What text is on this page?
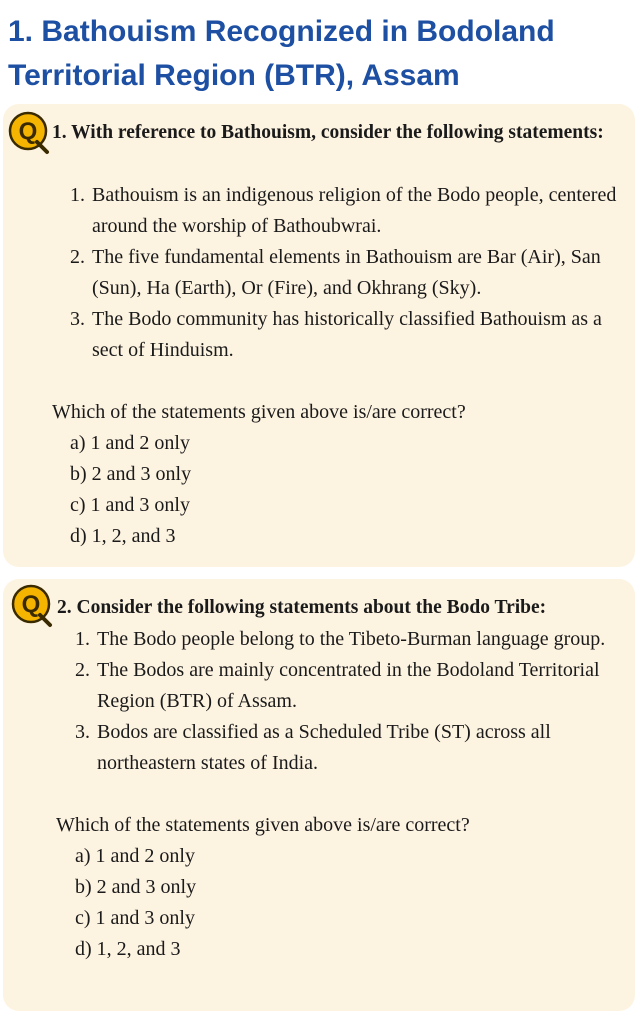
1. Bathouism Recognized in Bodoland Territorial Region (BTR), Assam
Q 1. With reference to Bathouism, consider the following statements:

1. Bathouism is an indigenous religion of the Bodo people, centered around the worship of Bathoubwrai.
2. The five fundamental elements in Bathouism are Bar (Air), San (Sun), Ha (Earth), Or (Fire), and Okhrang (Sky).
3. The Bodo community has historically classified Bathouism as a sect of Hinduism.

Which of the statements given above is/are correct?

a) 1 and 2 only
b) 2 and 3 only
c) 1 and 3 only
d) 1, 2, and 3
Q 2. Consider the following statements about the Bodo Tribe:

1. The Bodo people belong to the Tibeto-Burman language group.
2. The Bodos are mainly concentrated in the Bodoland Territorial Region (BTR) of Assam.
3. Bodos are classified as a Scheduled Tribe (ST) across all northeastern states of India.

Which of the statements given above is/are correct?

a) 1 and 2 only
b) 2 and 3 only
c) 1 and 3 only
d) 1, 2, and 3
